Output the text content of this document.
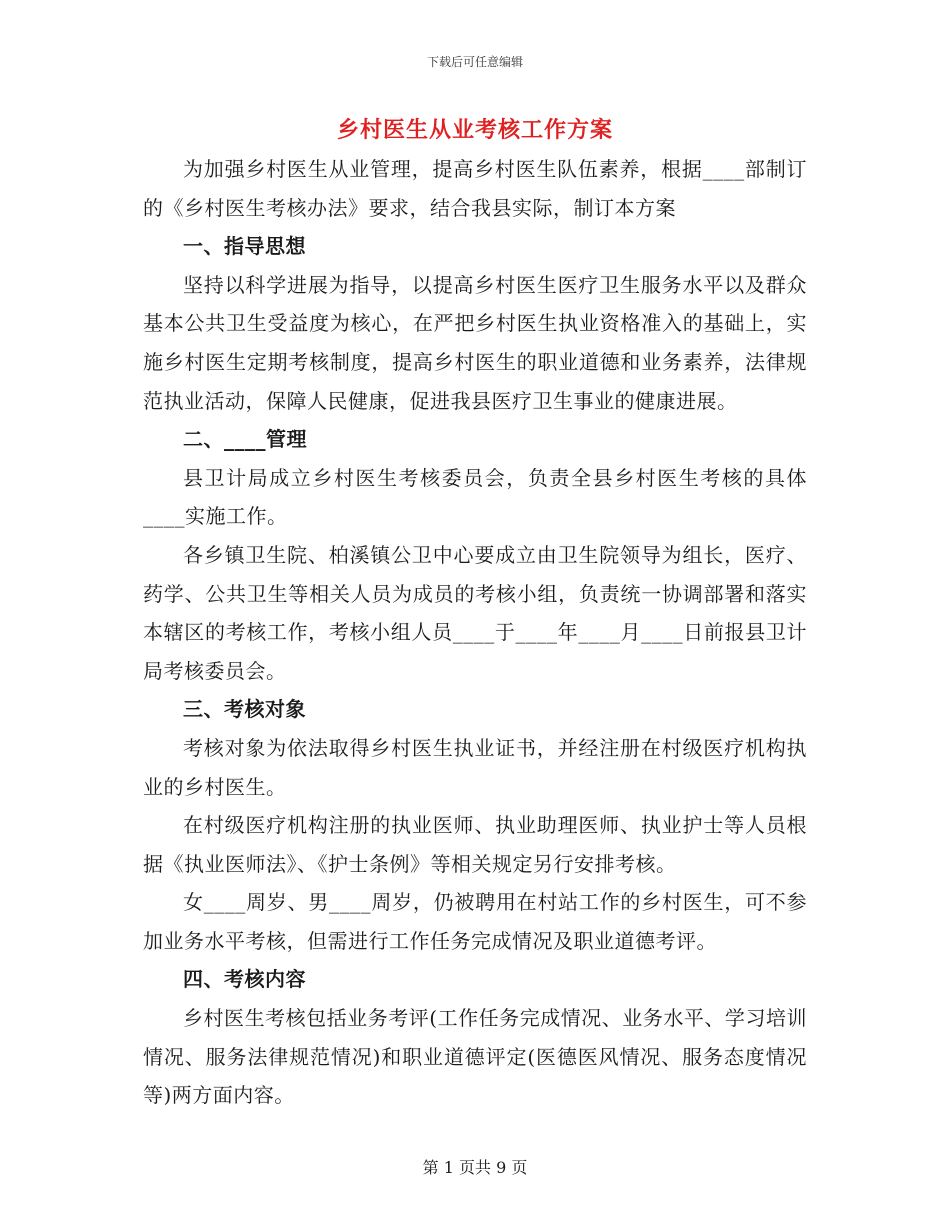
下载后可任意编辑
乡村医生从业考核工作方案

为加强乡村医生从业管理，提高乡村医生队伍素养，根据____部制订的《乡村医生考核办法》要求，结合我县实际，制订本方案

一、指导思想

坚持以科学进展为指导，以提高乡村医生医疗卫生服务水平以及群众基本公共卫生受益度为核心，在严把乡村医生执业资格准入的基础上，实施乡村医生定期考核制度，提高乡村医生的职业道德和业务素养，法律规范执业活动，保障人民健康，促进我县医疗卫生事业的健康进展。

二、____管理

县卫计局成立乡村医生考核委员会，负责全县乡村医生考核的具体____实施工作。

各乡镇卫生院、柏溪镇公卫中心要成立由卫生院领导为组长，医疗、药学、公共卫生等相关人员为成员的考核小组，负责统一协调部署和落实本辖区的考核工作，考核小组人员____于____年____月____日前报县卫计局考核委员会。

三、考核对象

考核对象为依法取得乡村医生执业证书，并经注册在村级医疗机构执业的乡村医生。

在村级医疗机构注册的执业医师、执业助理医师、执业护士等人员根据《执业医师法》、《护士条例》等相关规定另行安排考核。

女____周岁、男____周岁，仍被聘用在村站工作的乡村医生，可不参加业务水平考核，但需进行工作任务完成情况及职业道德考评。

四、考核内容

乡村医生考核包括业务考评(工作任务完成情况、业务水平、学习培训情况、服务法律规范情况)和职业道德评定(医德医风情况、服务态度情况等)两方面内容。

第 1 页共 9 页
